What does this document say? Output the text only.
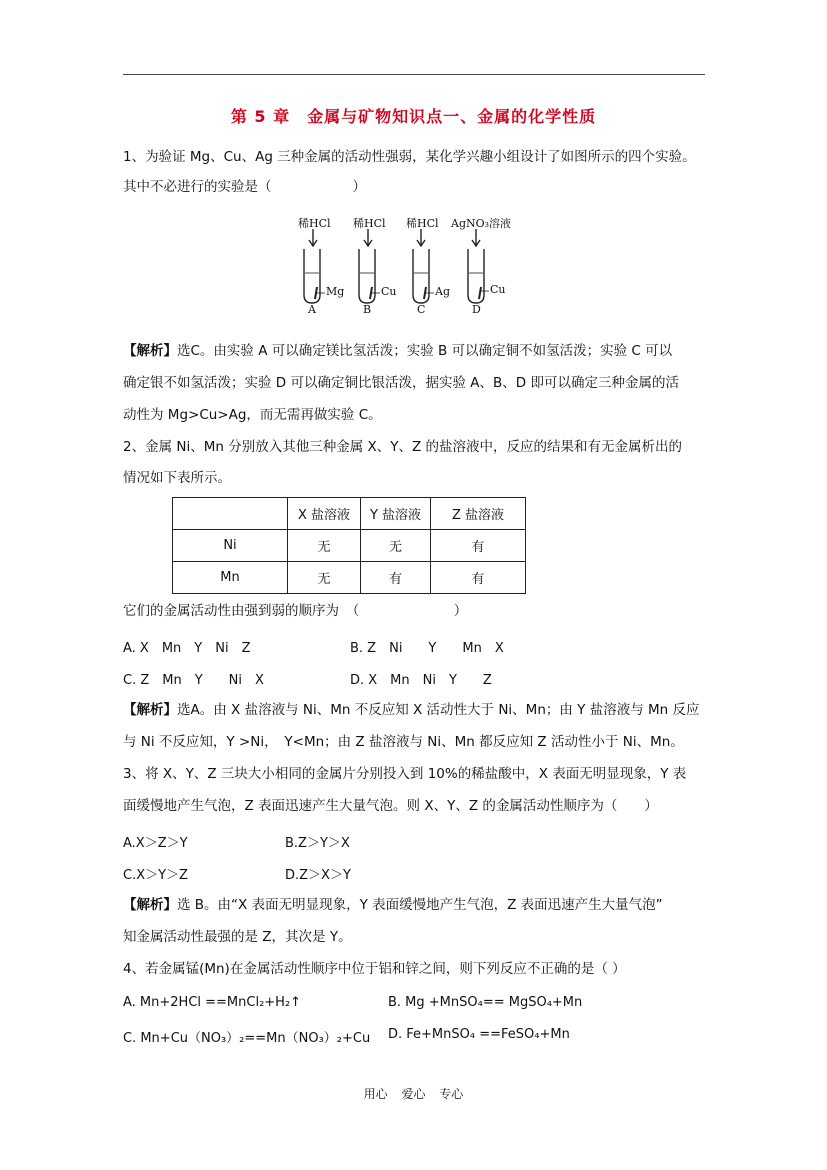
第 5 章　金属与矿物知识点一、金属的化学性质
1、为验证 Mg、Cu、Ag 三种金属的活动性强弱，某化学兴趣小组设计了如图所示的四个实验。
其中不必进行的实验是（　　　　　　）
稀HCl 稀HCl 稀HCl AgNO₃溶液
Mg	Cu	Ag	Cu
A	B	C	D
【解析】选C。由实验 A 可以确定镁比氢活泼；实验 B 可以确定铜不如氢活泼；实验 C 可以
确定银不如氢活泼；实验 D 可以确定铜比银活泼，据实验 A、B、D 即可以确定三种金属的活
动性为 Mg>Cu>Ag，而无需再做实验 C。
2、金属 Ni、Mn 分别放入其他三种金属 X、Y、Z 的盐溶液中，反应的结果和有无金属析出的
情况如下表所示。
	X 盐溶液	Y 盐溶液	Z 盐溶液
Ni	无	无	有
Mn	无	有	有
它们的金属活动性由强到弱的顺序为　（　　　　　　　）
A. X　Mn　Y　Ni　Z	B. Z　Ni　　Y　　Mn　X
C. Z　Mn　Y　　Ni　X	D. X　Mn　Ni　Y　　Z
【解析】选A。由 X 盐溶液与 Ni、Mn 不反应知 X 活动性大于 Ni、Mn；由 Y 盐溶液与 Mn 反应
与 Ni 不反应知，Y >Ni，　Y<Mn；由 Z 盐溶液与 Ni、Mn 都反应知 Z 活动性小于 Ni、Mn。
3、将 X、Y、Z 三块大小相同的金属片分别投入到 10%的稀盐酸中，X 表面无明显现象，Y 表
面缓慢地产生气泡，Z 表面迅速产生大量气泡。则 X、Y、Z 的金属活动性顺序为（　　）
A.X＞Z＞Y	B.Z＞Y＞X
C.X＞Y＞Z	D.Z＞X＞Y
【解析】选 B。由“X 表面无明显现象，Y 表面缓慢地产生气泡，Z 表面迅速产生大量气泡”
知金属活动性最强的是 Z，其次是 Y。
4、若金属锰(Mn)在金属活动性顺序中位于铝和锌之间，则下列反应不正确的是（ ）
A. Mn+2HCl ==MnCl₂+H₂↑	B. Mg +MnSO₄== MgSO₄+Mn
C. Mn+Cu（NO₃）₂==Mn（NO₃）₂+Cu D. Fe+MnSO₄ ==FeSO₄+Mn
用心 爱心 专心
